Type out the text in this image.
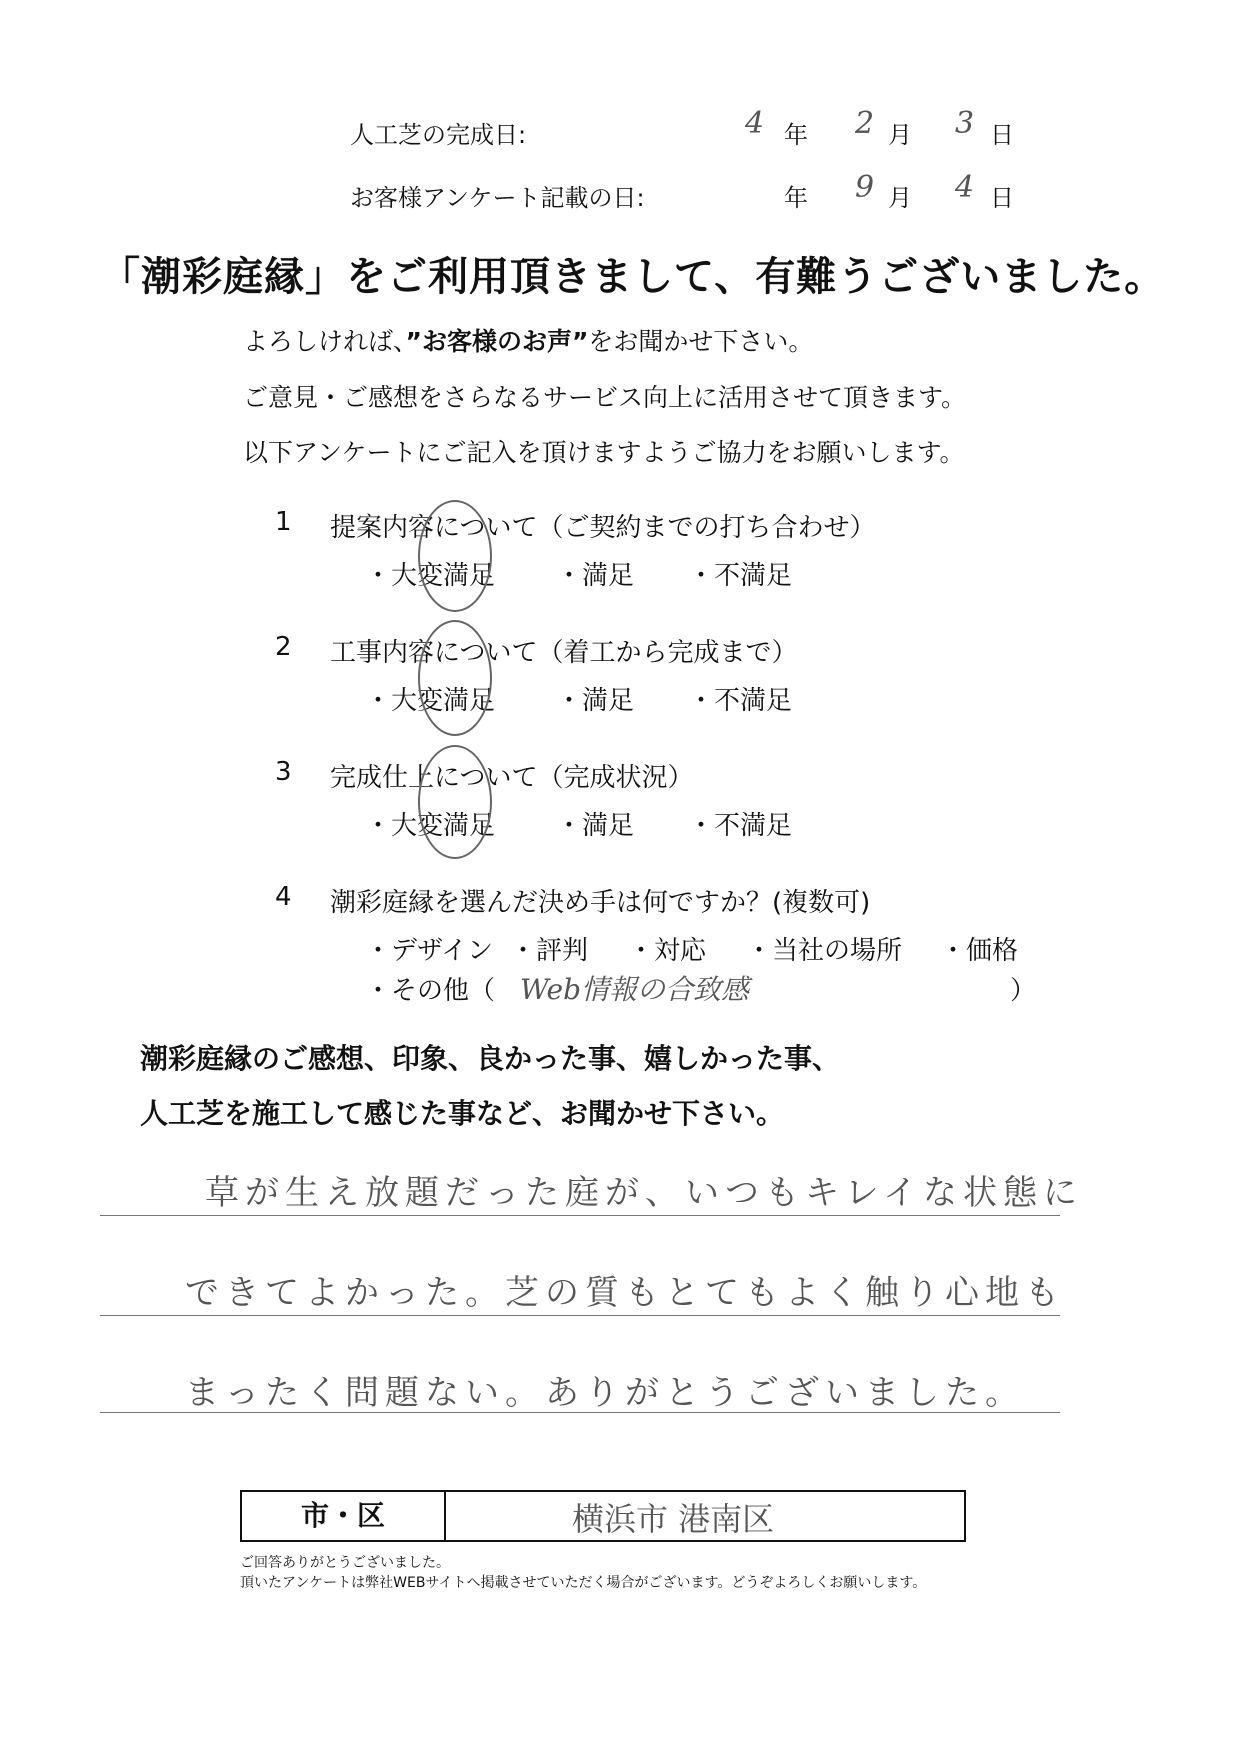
人工芝の完成日:	4 年 2 月 3 日
お客様アンケート記載の日:	年 9 月 4 日
「潮彩庭縁」をご利用頂きまして、有難うございました。
よろしければ、”お客様のお声”をお聞かせ下さい。
ご意見・ご感想をさらなるサービス向上に活用させて頂きます。
以下アンケートにご記入を頂けますようご協力をお願いします。
1 提案内容について（ご契約までの打ち合わせ）
・大変満足 ・満足 ・不満足
2 工事内容について（着工から完成まで）
・大変満足 ・満足 ・不満足
3 完成仕上について（完成状況）
・大変満足 ・満足 ・不満足
4 潮彩庭縁を選んだ決め手は何ですか？(複数可)
・デザイン ・評判 ・対応 ・当社の場所 ・価格
・その他（ Web情報の合致感	）
潮彩庭縁のご感想、印象、良かった事、嬉しかった事、
人工芝を施工して感じた事など、お聞かせ下さい。
草が生え放題だった庭が、いつもキレイな状態に
できてよかった。芝の質もとてもよく触り心地も
まったく問題ない。ありがとうございました。
市・区	横浜市 港南区
ご回答ありがとうございました。
頂いたアンケートは弊社WEBサイトへ掲載させていただく場合がございます。どうぞよろしくお願いします。
